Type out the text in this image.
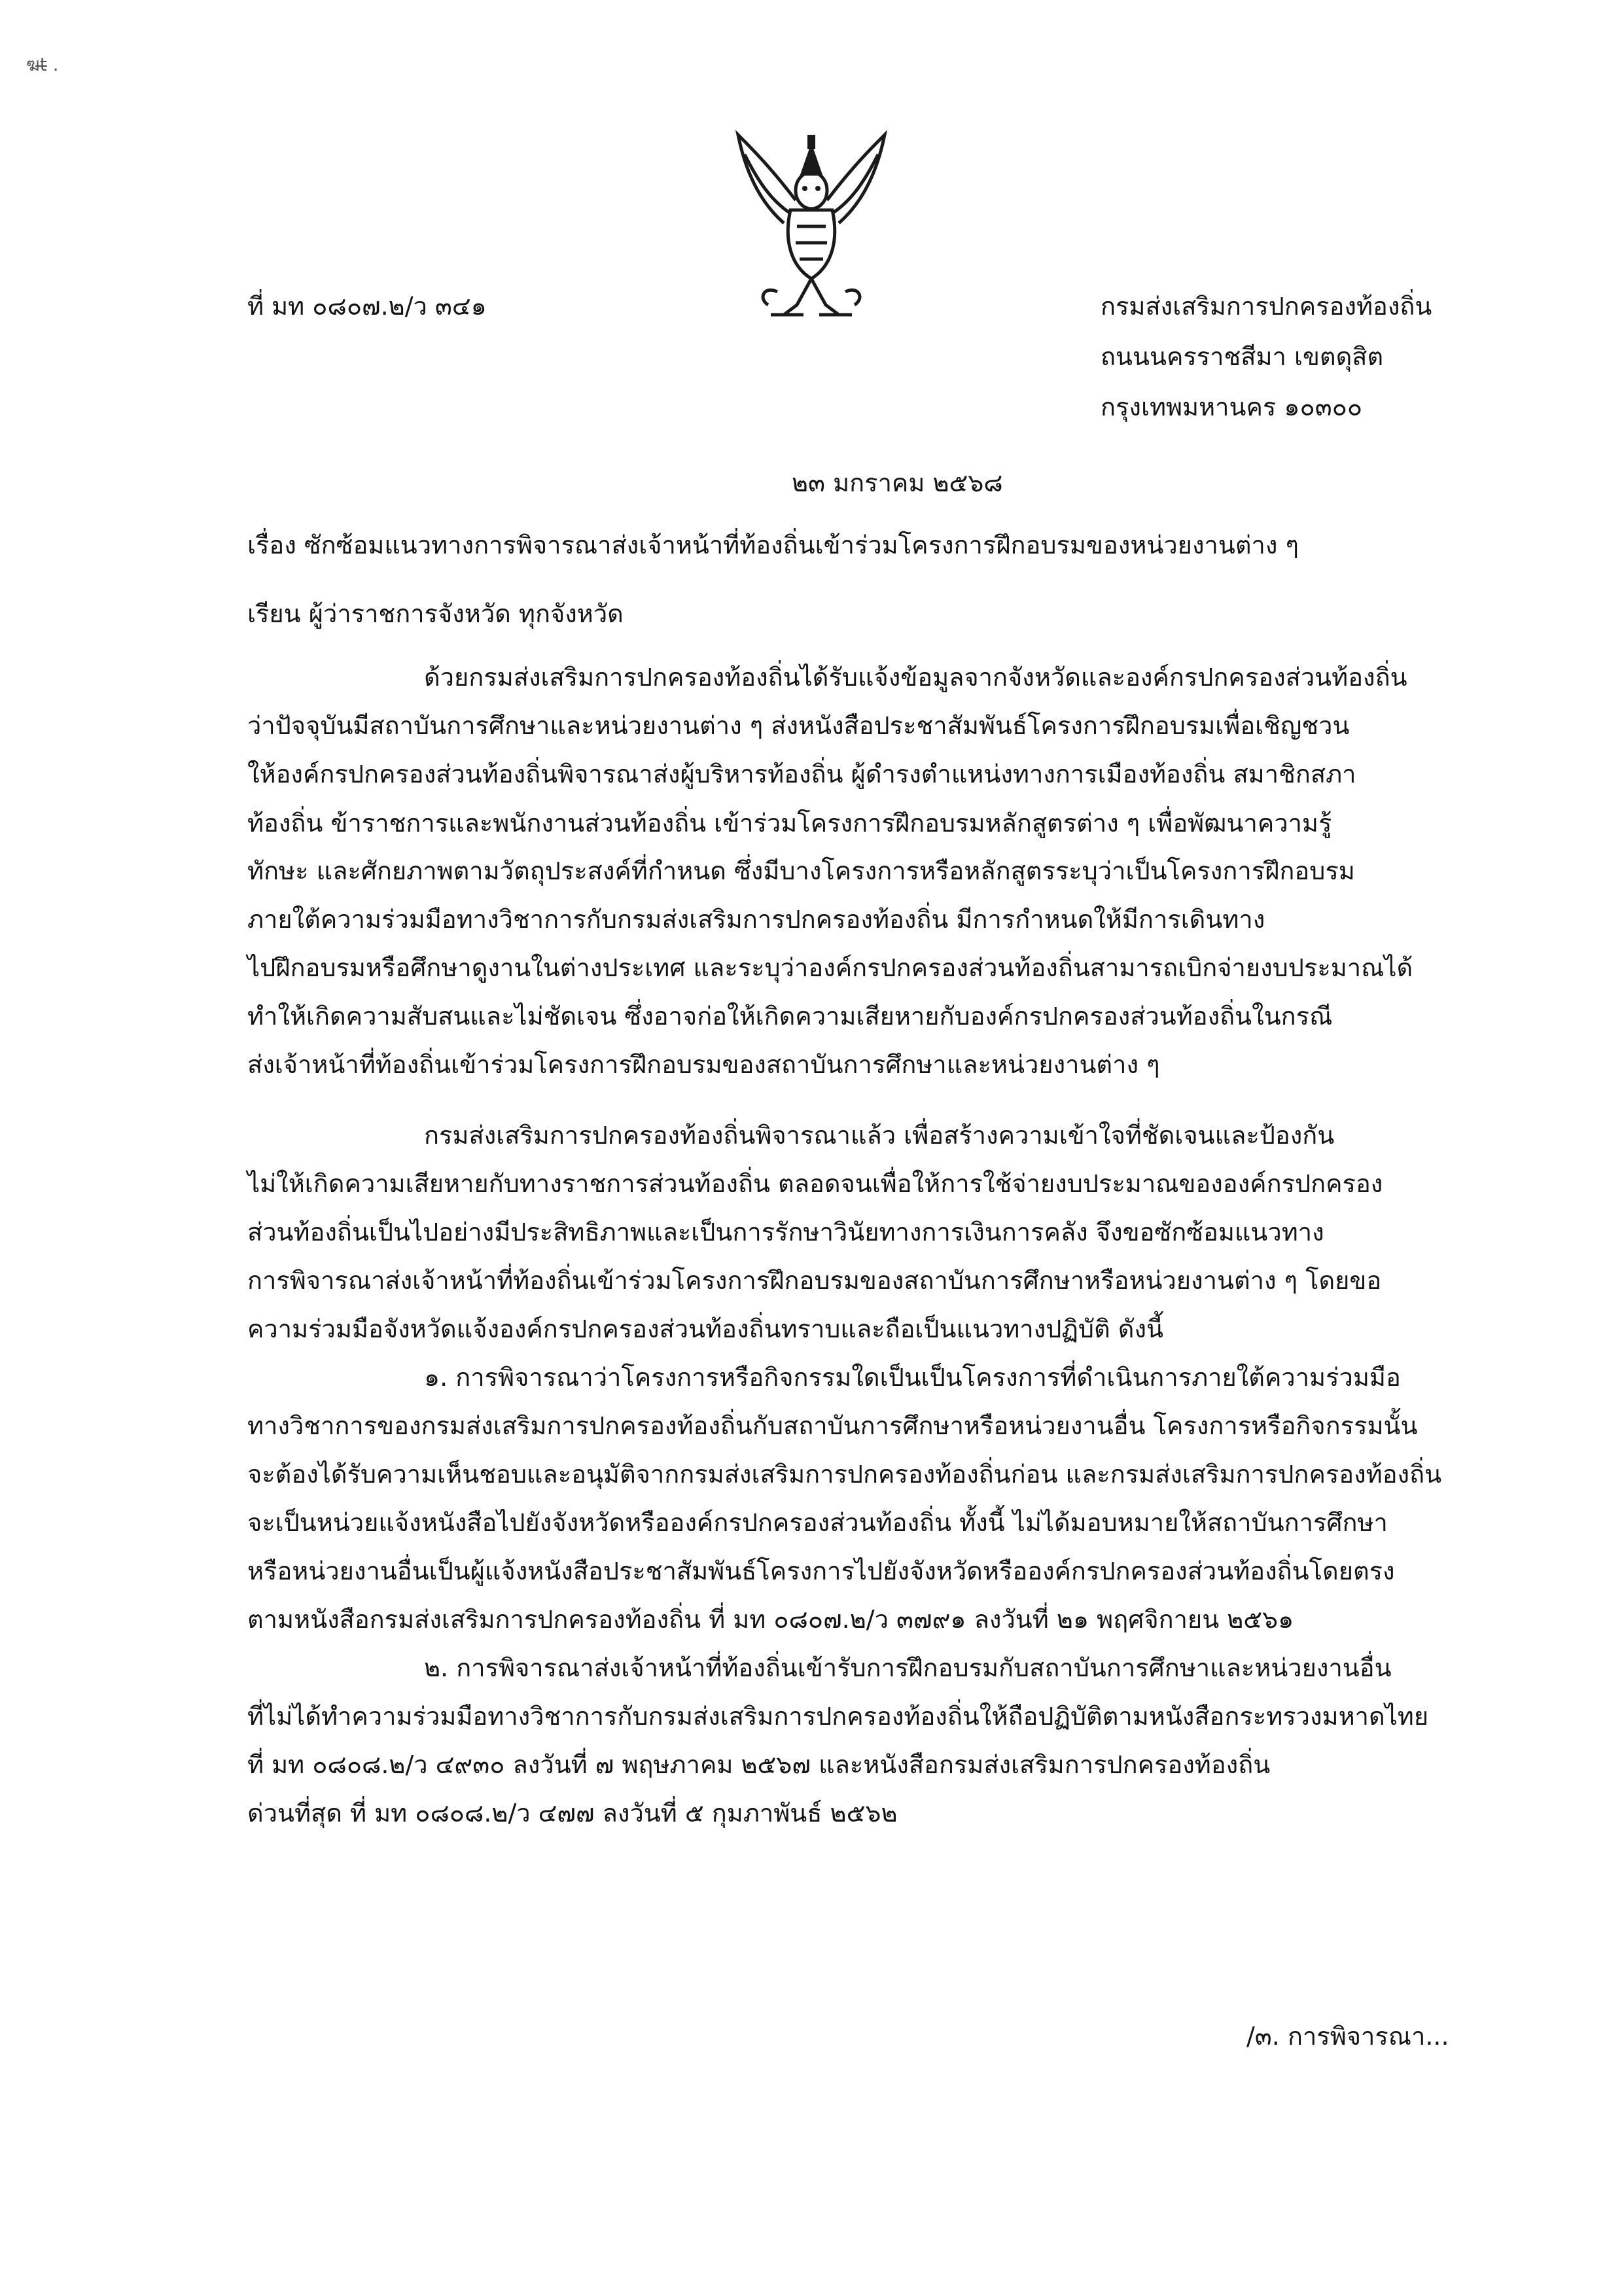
ฆt̶ .
ที่ มท ๐๘๐๗.๒/ว ๓๔๑	กรมส่งเสริมการปกครองท้องถิ่น
ถนนนครราชสีมา เขตดุสิต
กรุงเทพมหานคร ๑๐๓๐๐
๒๓ มกราคม ๒๕๖๘
เรื่อง ซักซ้อมแนวทางการพิจารณาส่งเจ้าหน้าที่ท้องถิ่นเข้าร่วมโครงการฝึกอบรมของหน่วยงานต่าง ๆ
เรียน ผู้ว่าราชการจังหวัด ทุกจังหวัด
ด้วยกรมส่งเสริมการปกครองท้องถิ่นได้รับแจ้งข้อมูลจากจังหวัดและองค์กรปกครองส่วนท้องถิ่น
ว่าปัจจุบันมีสถาบันการศึกษาและหน่วยงานต่าง ๆ ส่งหนังสือประชาสัมพันธ์โครงการฝึกอบรมเพื่อเชิญชวน
ให้องค์กรปกครองส่วนท้องถิ่นพิจารณาส่งผู้บริหารท้องถิ่น ผู้ดำรงตำแหน่งทางการเมืองท้องถิ่น สมาชิกสภา
ท้องถิ่น ข้าราชการและพนักงานส่วนท้องถิ่น เข้าร่วมโครงการฝึกอบรมหลักสูตรต่าง ๆ เพื่อพัฒนาความรู้
ทักษะ และศักยภาพตามวัตถุประสงค์ที่กำหนด ซึ่งมีบางโครงการหรือหลักสูตรระบุว่าเป็นโครงการฝึกอบรม
ภายใต้ความร่วมมือทางวิชาการกับกรมส่งเสริมการปกครองท้องถิ่น มีการกำหนดให้มีการเดินทาง
ไปฝึกอบรมหรือศึกษาดูงานในต่างประเทศ และระบุว่าองค์กรปกครองส่วนท้องถิ่นสามารถเบิกจ่ายงบประมาณได้
ทำให้เกิดความสับสนและไม่ชัดเจน ซึ่งอาจก่อให้เกิดความเสียหายกับองค์กรปกครองส่วนท้องถิ่นในกรณี
ส่งเจ้าหน้าที่ท้องถิ่นเข้าร่วมโครงการฝึกอบรมของสถาบันการศึกษาและหน่วยงานต่าง ๆ
กรมส่งเสริมการปกครองท้องถิ่นพิจารณาแล้ว เพื่อสร้างความเข้าใจที่ชัดเจนและป้องกัน
ไม่ให้เกิดความเสียหายกับทางราชการส่วนท้องถิ่น ตลอดจนเพื่อให้การใช้จ่ายงบประมาณขององค์กรปกครอง
ส่วนท้องถิ่นเป็นไปอย่างมีประสิทธิภาพและเป็นการรักษาวินัยทางการเงินการคลัง จึงขอซักซ้อมแนวทาง
การพิจารณาส่งเจ้าหน้าที่ท้องถิ่นเข้าร่วมโครงการฝึกอบรมของสถาบันการศึกษาหรือหน่วยงานต่าง ๆ โดยขอ
ความร่วมมือจังหวัดแจ้งองค์กรปกครองส่วนท้องถิ่นทราบและถือเป็นแนวทางปฏิบัติ ดังนี้
๑. การพิจารณาว่าโครงการหรือกิจกรรมใดเป็นเป็นโครงการที่ดำเนินการภายใต้ความร่วมมือ
ทางวิชาการของกรมส่งเสริมการปกครองท้องถิ่นกับสถาบันการศึกษาหรือหน่วยงานอื่น โครงการหรือกิจกรรมนั้น
จะต้องได้รับความเห็นชอบและอนุมัติจากกรมส่งเสริมการปกครองท้องถิ่นก่อน และกรมส่งเสริมการปกครองท้องถิ่น
จะเป็นหน่วยแจ้งหนังสือไปยังจังหวัดหรือองค์กรปกครองส่วนท้องถิ่น ทั้งนี้ ไม่ได้มอบหมายให้สถาบันการศึกษา
หรือหน่วยงานอื่นเป็นผู้แจ้งหนังสือประชาสัมพันธ์โครงการไปยังจังหวัดหรือองค์กรปกครองส่วนท้องถิ่นโดยตรง
ตามหนังสือกรมส่งเสริมการปกครองท้องถิ่น ที่ มท ๐๘๐๗.๒/ว ๓๗๙๑ ลงวันที่ ๒๑ พฤศจิกายน ๒๕๖๑
๒. การพิจารณาส่งเจ้าหน้าที่ท้องถิ่นเข้ารับการฝึกอบรมกับสถาบันการศึกษาและหน่วยงานอื่น
ที่ไม่ได้ทำความร่วมมือทางวิชาการกับกรมส่งเสริมการปกครองท้องถิ่นให้ถือปฏิบัติตามหนังสือกระทรวงมหาดไทย
ที่ มท ๐๘๐๘.๒/ว ๔๙๓๐ ลงวันที่ ๗ พฤษภาคม ๒๕๖๗ และหนังสือกรมส่งเสริมการปกครองท้องถิ่น
ด่วนที่สุด ที่ มท ๐๘๐๘.๒/ว ๔๗๗ ลงวันที่ ๕ กุมภาพันธ์ ๒๕๖๒
/๓. การพิจารณา...
